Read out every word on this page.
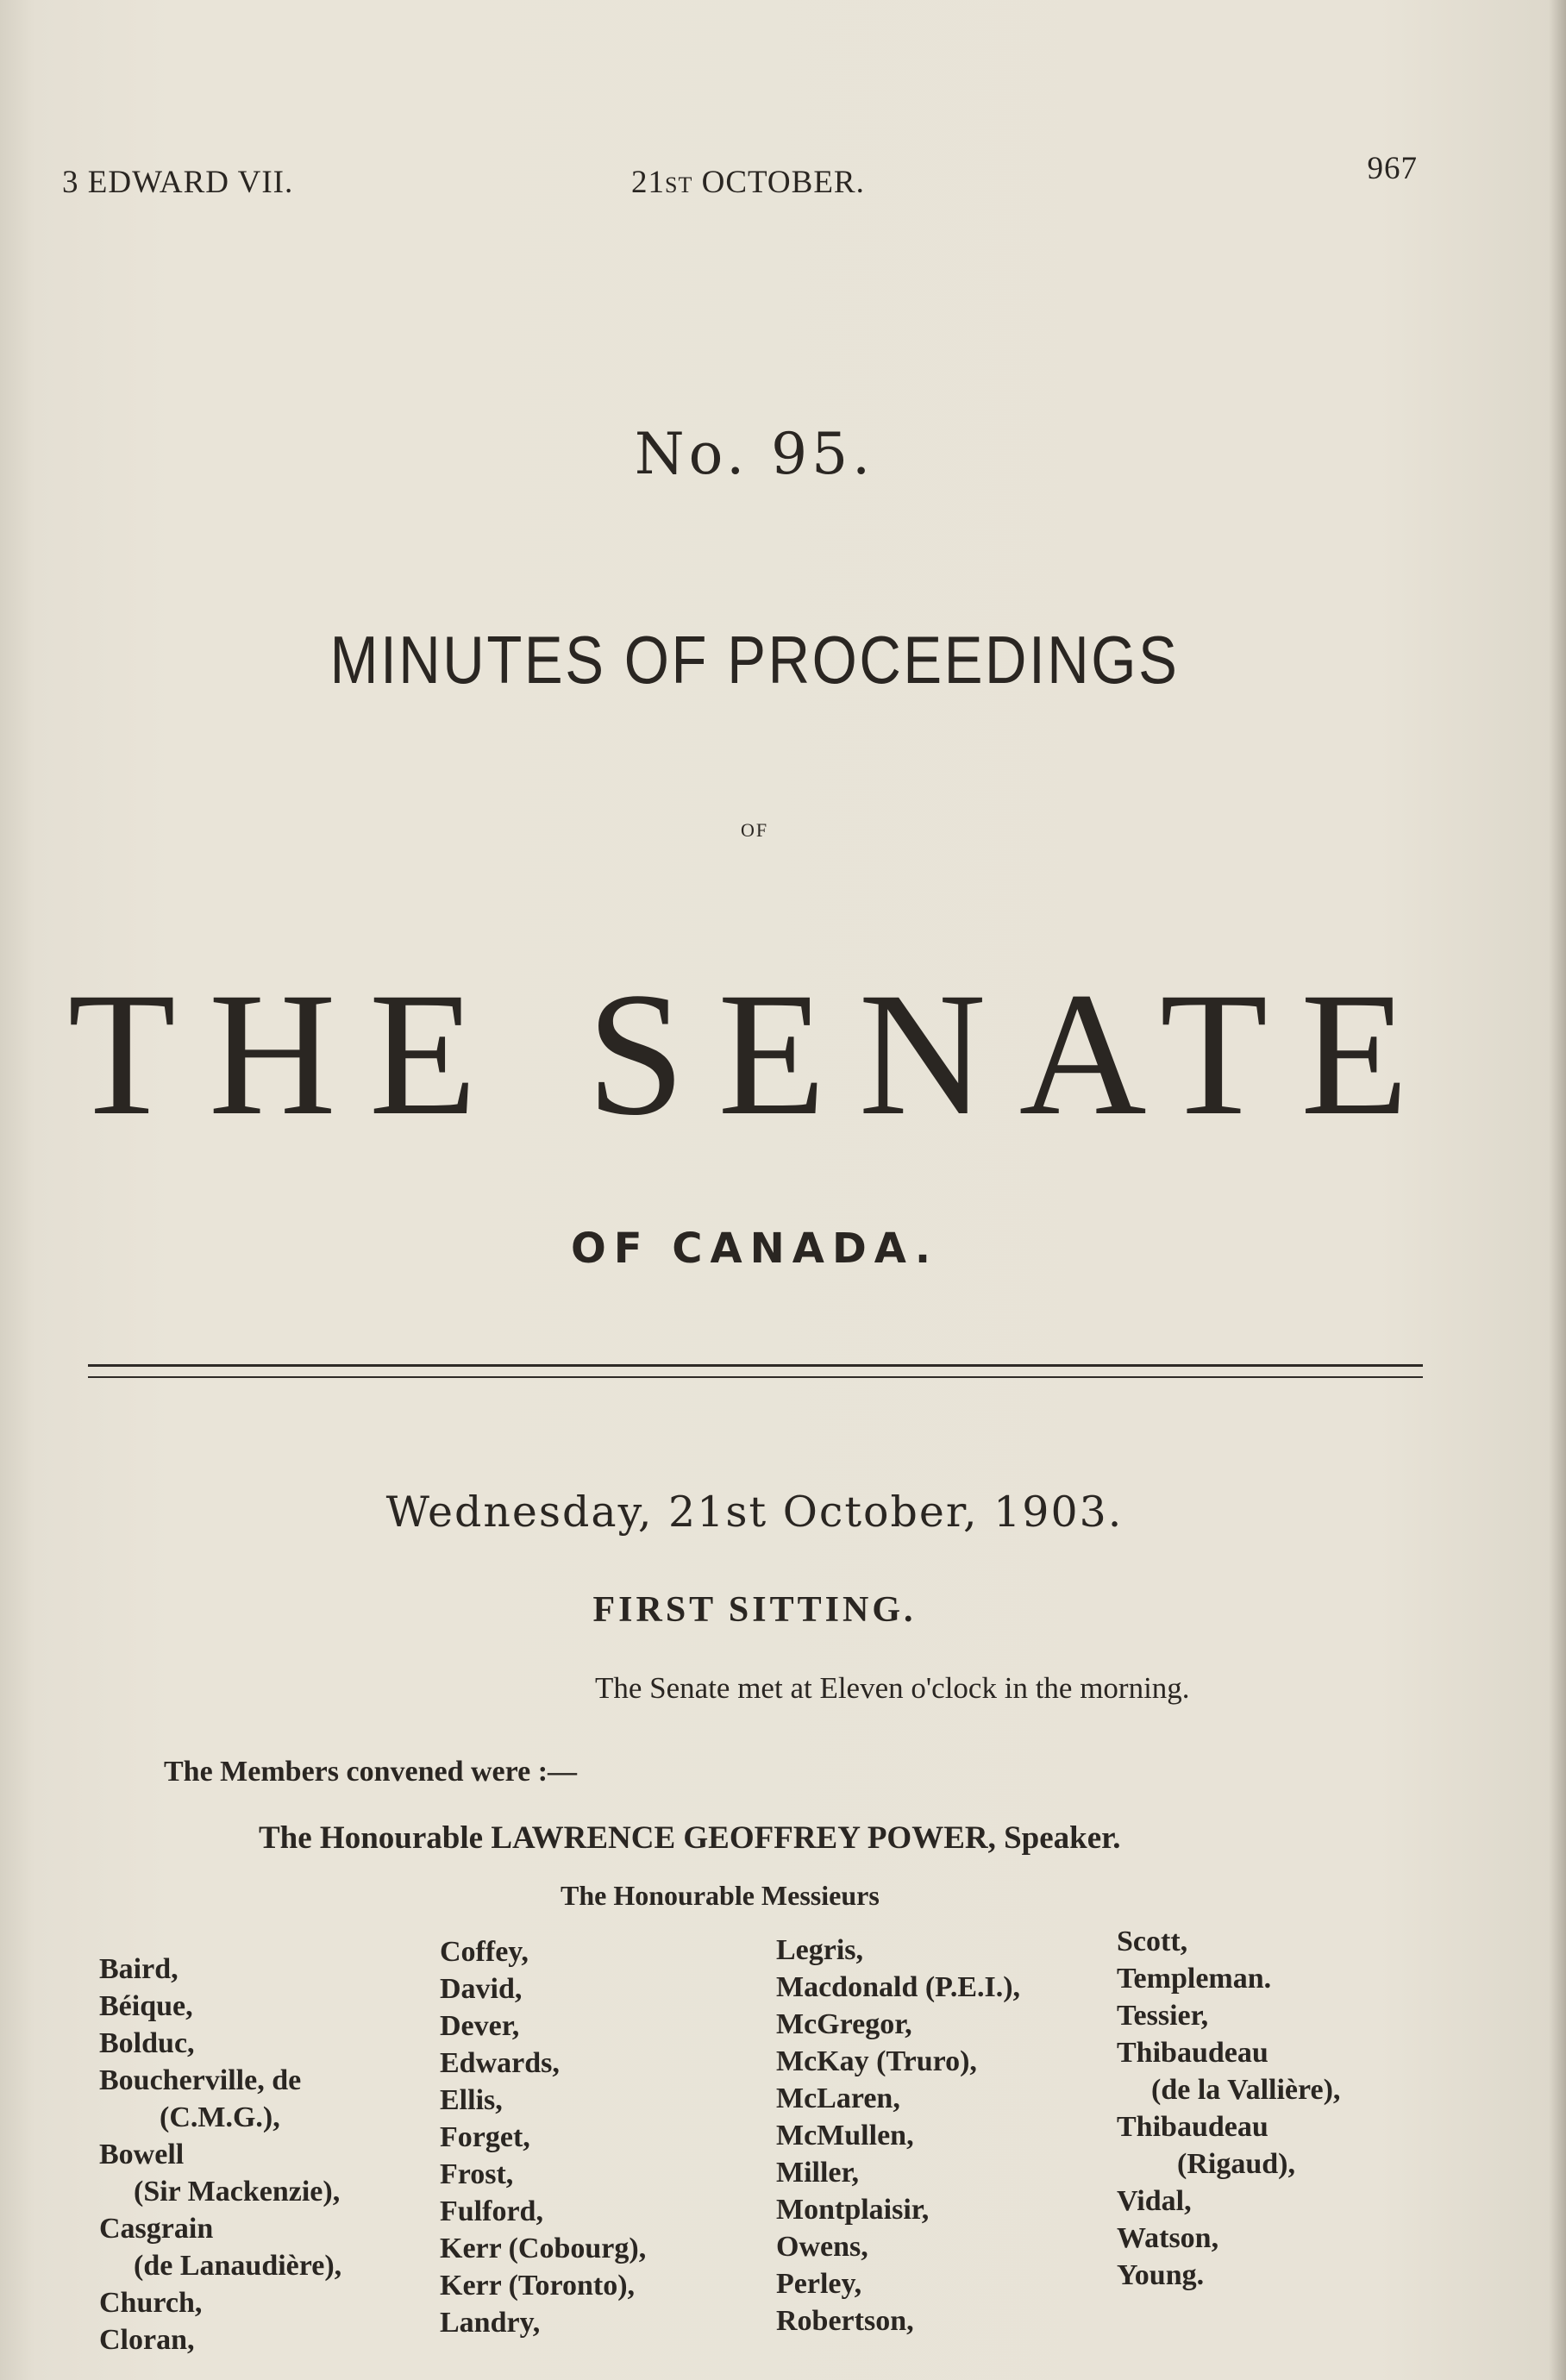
3 EDWARD VII.	21ST OCTOBER.	967
No. 95.
MINUTES OF PROCEEDINGS
OF
THE SENATE
OF CANADA.
Wednesday, 21st October, 1903.
FIRST SITTING.
The Senate met at Eleven o'clock in the morning.
The Members convened were :—
The Honourable LAWRENCE GEOFFREY POWER, Speaker.
The Honourable Messieurs
Baird,
Béique,
Bolduc,
Boucherville, de
(C.M.G.),
Bowell
(Sir Mackenzie),
Casgrain
(de Lanaudière),
Church,
Cloran,
Coffey,
David,
Dever,
Edwards,
Ellis,
Forget,
Frost,
Fulford,
Kerr (Cobourg),
Kerr (Toronto),
Landry,
Legris,
Macdonald (P.E.I.),
McGregor,
McKay (Truro),
McLaren,
McMullen,
Miller,
Montplaisir,
Owens,
Perley,
Robertson,
Scott,
Templeman.
Tessier,
Thibaudeau
(de la Vallière),
Thibaudeau
(Rigaud),
Vidal,
Watson,
Young.
